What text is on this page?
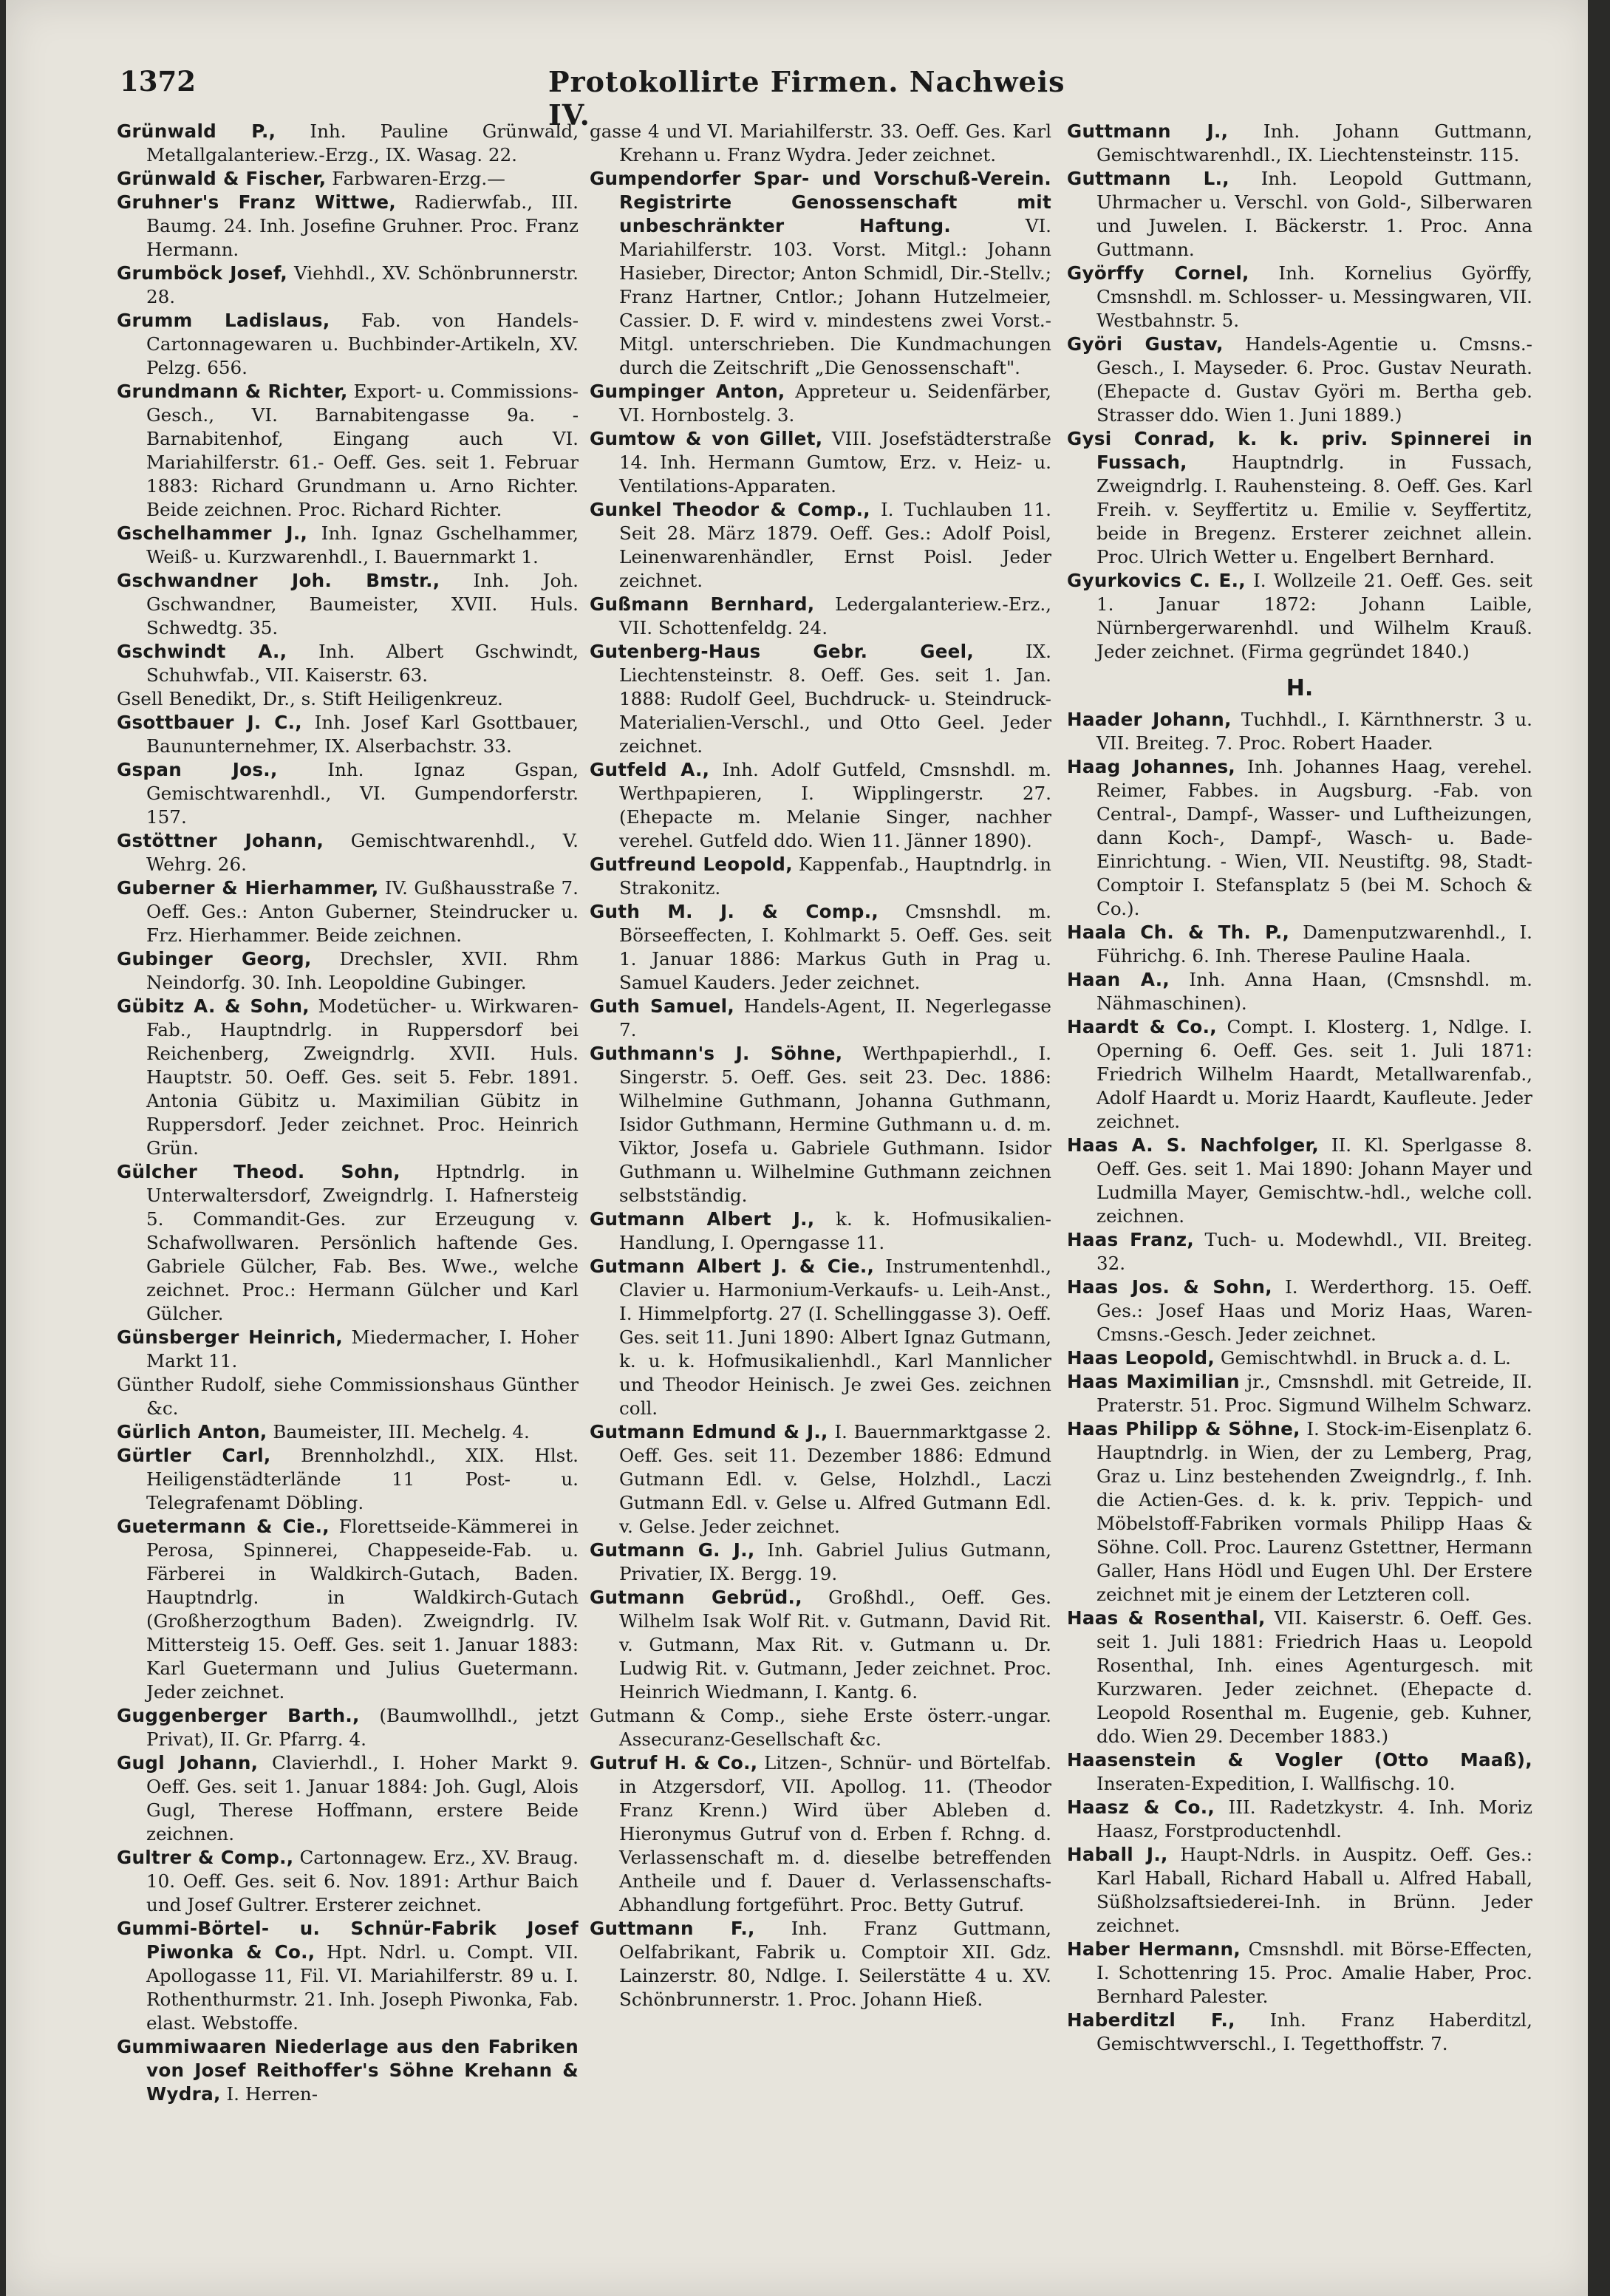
1372	Protokollirte Firmen. Nachweis IV.

Grünwald P., Inh. Pauline Grünwald, Metallgalanteriew.-Erzg., IX. Wasag. 22.

Grünwald & Fischer, Farbwaren-Erzg.—

Gruhner's Franz Wittwe, Radierwfab., III. Baumg. 24. Inh. Josefine Gruhner. Proc. Franz Hermann.

Grumböck Josef, Viehhdl., XV. Schönbrunnerstr. 28.

Grumm Ladislaus, Fab. von Handels-Cartonnagewaren u. Buchbinder-Artikeln, XV. Pelzg. 656.

Grundmann & Richter, Export- u. Commissions-Gesch., VI. Barnabitengasse 9a. -Barnabitenhof, Eingang auch VI. Mariahilferstr. 61.- Oeff. Ges. seit 1. Februar 1883: Richard Grundmann u. Arno Richter. Beide zeichnen. Proc. Richard Richter.

Gschelhammer J., Inh. Ignaz Gschelhammer, Weiß- u. Kurzwarenhdl., I. Bauernmarkt 1.

Gschwandner Joh. Bmstr., Inh. Joh. Gschwandner, Baumeister, XVII. Huls. Schwedtg. 35.

Gschwindt A., Inh. Albert Gschwindt, Schuhwfab., VII. Kaiserstr. 63.

Gsell Benedikt, Dr., s. Stift Heiligenkreuz.

Gsottbauer J. C., Inh. Josef Karl Gsottbauer, Baununternehmer, IX. Alserbachstr. 33.

Gspan Jos.,	Inh. Ignaz Gspan, Gemischtwarenhdl., VI. Gumpendorferstr. 157.

Gstöttner Johann, Gemischtwarenhdl., V. Wehrg. 26.

Guberner & Hierhammer, IV. Gußhausstraße 7. Oeff. Ges.: Anton Guberner, Steindrucker u. Frz. Hierhammer. Beide zeichnen.

Gubinger Georg, Drechsler, XVII. Rhm Neindorfg. 30. Inh. Leopoldine Gubinger.

Gübitz A. & Sohn, Modetücher- u. Wirkwaren-Fab., Hauptndrlg. in Ruppersdorf bei Reichenberg, Zweigndrlg. XVII. Huls. Hauptstr. 50. Oeff. Ges. seit 5. Febr. 1891. Antonia Gübitz u. Maximilian Gübitz in Ruppersdorf. Jeder zeichnet. Proc. Heinrich Grün.

Gülcher Theod. Sohn, Hptndrlg. in Unterwaltersdorf, Zweigndrlg. I. Hafnersteig 5. Commandit-Ges. zur Erzeugung v. Schafwollwaren. Persönlich haftende Ges. Gabriele Gülcher, Fab. Bes. Wwe., welche zeichnet. Proc.: Hermann Gülcher und Karl Gülcher.

Günsberger Heinrich, Miedermacher, I. Hoher Markt 11.

Günther Rudolf, siehe Commissionshaus Günther &c.

Gürlich Anton, Baumeister, III. Mechelg. 4.

Gürtler Carl, Brennholzhdl., XIX. Hlst. Heiligenstädterlände 11 Post- u. Telegrafenamt Döbling.

Guetermann & Cie., Florettseide-Kämmerei in Perosa, Spinnerei, Chappeseide-Fab. u. Färberei in Waldkirch-Gutach, Baden. Hauptndrlg. in Waldkirch-Gutach (Großherzogthum Baden). Zweigndrlg. IV. Mittersteig 15. Oeff. Ges. seit 1. Januar 1883: Karl Guetermann und Julius Guetermann. Jeder zeichnet.

Guggenberger Barth., (Baumwollhdl., jetzt Privat), II. Gr. Pfarrg. 4.

Gugl Johann, Clavierhdl., I. Hoher Markt 9. Oeff. Ges. seit 1. Januar 1884: Joh. Gugl, Alois Gugl, Therese Hoffmann, erstere Beide zeichnen.

Gultrer & Comp., Cartonnagew. Erz., XV. Braug. 10. Oeff. Ges. seit 6. Nov. 1891: Arthur Baich und Josef Gultrer. Ersterer zeichnet.

Gummi-Börtel- u. Schnür-Fabrik Josef Piwonka & Co., Hpt. Ndrl. u. Compt. VII. Apollogasse 11, Fil. VI. Mariahilferstr. 89 u. I. Rothenthurmstr. 21. Inh. Joseph Piwonka, Fab. elast. Webstoffe.

Gummiwaaren Niederlage aus den Fabriken von Josef Reithoffer's Söhne Krehann & Wydra, I. Herren-

gasse 4 und VI. Mariahilferstr. 33. Oeff. Ges. Karl Krehann u. Franz Wydra. Jeder zeichnet.

Gumpendorfer Spar- und Vorschuß-Verein. Registrirte Genossenschaft mit unbeschränkter Haftung.	VI. Mariahilferstr. 103. Vorst. Mitgl.: Johann Hasieber, Director; Anton Schmidl, Dir.-Stellv.; Franz Hartner, Cntlor.; Johann Hutzelmeier, Cassier. D. F. wird v. mindestens zwei Vorst.-Mitgl. unterschrieben. Die Kundmachungen durch die Zeitschrift „Die Genossenschaft".

Gumpinger Anton, Appreteur u. Seidenfärber, VI. Hornbostelg. 3.

Gumtow & von Gillet, VIII. Josefstädterstraße 14. Inh. Hermann Gumtow, Erz. v. Heiz- u. Ventilations-Apparaten.

Gunkel Theodor & Comp., I. Tuchlauben 11. Seit 28. März 1879. Oeff. Ges.: Adolf Poisl, Leinenwarenhändler, Ernst Poisl. Jeder zeichnet.

Gußmann Bernhard, Ledergalanteriew.-Erz., VII. Schottenfeldg. 24.

Gutenberg-Haus Gebr. Geel,	IX. Liechtensteinstr. 8. Oeff. Ges. seit 1. Jan. 1888: Rudolf Geel, Buchdruck- u. Steindruck-Materialien-Verschl., und Otto Geel. Jeder zeichnet.

Gutfeld A., Inh. Adolf Gutfeld, Cmsnshdl. m. Werthpapieren, I. Wipplingerstr. 27. (Ehepacte m. Melanie Singer, nachher verehel. Gutfeld ddo. Wien 11. Jänner 1890).

Gutfreund Leopold, Kappenfab., Hauptndrlg. in Strakonitz.

Guth M. J. & Comp., Cmsnshdl. m. Börseeffecten, I. Kohlmarkt 5. Oeff. Ges. seit 1. Januar 1886: Markus Guth in Prag u. Samuel Kauders. Jeder zeichnet.

Guth Samuel, Handels-Agent, II. Negerlegasse 7.

Guthmann's J. Söhne, Werthpapierhdl., I. Singerstr. 5. Oeff. Ges. seit 23. Dec. 1886: Wilhelmine Guthmann, Johanna Guthmann, Isidor Guthmann, Hermine Guthmann u. d. m. Viktor, Josefa u. Gabriele Guthmann. Isidor Guthmann u. Wilhelmine Guthmann zeichnen selbstständig.

Gutmann Albert J., k. k. Hofmusikalien-Handlung, I. Operngasse 11.

Gutmann Albert J. & Cie., Instrumentenhdl., Clavier u. Harmonium-Verkaufs- u. Leih-Anst., I. Himmelpfortg. 27 (I. Schellinggasse 3). Oeff. Ges. seit 11. Juni 1890: Albert Ignaz Gutmann, k. u. k. Hofmusikalienhdl., Karl Mannlicher und Theodor Heinisch. Je zwei Ges. zeichnen coll.

Gutmann Edmund & J., I. Bauernmarktgasse 2. Oeff. Ges. seit 11. Dezember 1886: Edmund Gutmann Edl. v. Gelse, Holzhdl., Laczi Gutmann Edl. v. Gelse u. Alfred Gutmann Edl. v. Gelse. Jeder zeichnet.

Gutmann G. J., Inh. Gabriel Julius Gutmann, Privatier, IX. Bergg. 19.

Gutmann Gebrüd., Großhdl., Oeff. Ges. Wilhelm Isak Wolf Rit. v. Gutmann, David Rit. v. Gutmann, Max Rit. v. Gutmann u. Dr. Ludwig Rit. v. Gutmann, Jeder zeichnet. Proc. Heinrich Wiedmann, I. Kantg. 6.

Gutmann & Comp., siehe Erste österr.-ungar. Assecuranz-Gesellschaft &c.

Gutruf H. & Co., Litzen-, Schnür- und Börtelfab. in Atzgersdorf, VII. Apollog. 11. (Theodor Franz Krenn.) Wird über Ableben d. Hieronymus Gutruf von d. Erben f. Rchng. d. Verlassenschaft m. d. dieselbe betreffenden Antheile und f. Dauer d. Verlassenschafts-Abhandlung fortgeführt. Proc. Betty Gutruf.

Guttmann F., Inh. Franz Guttmann, Oelfabrikant, Fabrik u. Comptoir XII. Gdz. Lainzerstr. 80, Ndlge. I. Seilerstätte 4 u. XV. Schönbrunnerstr. 1. Proc. Johann Hieß.

Guttmann J., Inh. Johann Guttmann, Gemischtwarenhdl., IX. Liechtensteinstr. 115.

Guttmann L., Inh. Leopold Guttmann, Uhrmacher u. Verschl. von Gold-, Silberwaren und Juwelen. I. Bäckerstr. 1. Proc. Anna Guttmann.

Györffy Cornel, Inh. Kornelius Györffy, Cmsnshdl. m. Schlosser- u. Messingwaren, VII. Westbahnstr. 5.

Györi Gustav, Handels-Agentie u. Cmsns.-Gesch., I. Mayseder. 6. Proc. Gustav Neurath. (Ehepacte d. Gustav Györi m. Bertha geb. Strasser ddo. Wien 1. Juni 1889.)

Gysi Conrad, k. k. priv. Spinnerei in Fussach, Hauptndrlg. in Fussach, Zweigndrlg. I. Rauhensteing. 8. Oeff. Ges. Karl Freih. v. Seyffertitz u. Emilie v. Seyffertitz, beide in Bregenz. Ersterer zeichnet allein. Proc. Ulrich Wetter u. Engelbert Bernhard.

Gyurkovics C. E., I. Wollzeile 21. Oeff. Ges. seit 1. Januar 1872: Johann Laible, Nürnbergerwarenhdl. und Wilhelm Krauß. Jeder zeichnet. (Firma gegründet 1840.)

H.

Haader Johann, Tuchhdl., I. Kärnthnerstr. 3 u. VII. Breiteg. 7. Proc. Robert Haader.

Haag Johannes, Inh. Johannes Haag, verehel. Reimer, Fabbes. in Augsburg. -Fab. von Central-, Dampf-, Wasser- und Luftheizungen, dann Koch-, Dampf-, Wasch- u. Bade-Einrichtung. - Wien, VII. Neustiftg. 98, Stadt-Comptoir I. Stefansplatz 5 (bei M. Schoch & Co.).

Haala Ch. & Th. P., Damenputzwarenhdl., I. Führichg. 6. Inh. Therese Pauline Haala.

Haan A., Inh. Anna Haan, (Cmsnshdl. m. Nähmaschinen).

Haardt & Co., Compt. I. Klosterg. 1, Ndlge. I. Operning 6. Oeff. Ges. seit 1. Juli 1871: Friedrich Wilhelm Haardt, Metallwarenfab., Adolf Haardt u. Moriz Haardt, Kaufleute. Jeder zeichnet.

Haas A. S. Nachfolger, II. Kl. Sperlgasse 8. Oeff. Ges. seit 1. Mai 1890: Johann Mayer und Ludmilla Mayer, Gemischtw.-hdl., welche coll. zeichnen.

Haas Franz, Tuch- u. Modewhdl., VII. Breiteg. 32.

Haas Jos. & Sohn, I. Werderthorg. 15. Oeff. Ges.: Josef Haas und Moriz Haas, Waren-Cmsns.-Gesch. Jeder zeichnet.

Haas Leopold, Gemischtwhdl. in Bruck a. d. L.

Haas Maximilian jr., Cmsnshdl. mit Getreide, II. Praterstr. 51. Proc. Sigmund Wilhelm Schwarz.

Haas Philipp & Söhne, I. Stock-im-Eisenplatz 6. Hauptndrlg. in Wien, der zu Lemberg, Prag, Graz u. Linz bestehenden Zweigndrlg., f. Inh. die Actien-Ges. d. k. k. priv. Teppich- und Möbelstoff-Fabriken vormals Philipp Haas & Söhne. Coll. Proc. Laurenz Gstettner, Hermann Galler, Hans Hödl und Eugen Uhl. Der Erstere zeichnet mit je einem der Letzteren coll.

Haas & Rosenthal, VII. Kaiserstr. 6. Oeff. Ges. seit 1. Juli 1881: Friedrich Haas u. Leopold Rosenthal, Inh. eines Agenturgesch. mit Kurzwaren. Jeder zeichnet. (Ehepacte d. Leopold Rosenthal m. Eugenie, geb. Kuhner, ddo. Wien 29. December 1883.)

Haasenstein & Vogler (Otto Maaß), Inseraten-Expedition, I. Wallfischg. 10.

Haasz & Co., III. Radetzkystr. 4. Inh. Moriz Haasz, Forstproductenhdl.

Haball J., Haupt-Ndrls. in Auspitz. Oeff. Ges.: Karl Haball, Richard Haball u. Alfred Haball, Süßholzsaftsiederei-Inh. in Brünn. Jeder zeichnet.

Haber Hermann, Cmsnshdl. mit Börse-Effecten, I. Schottenring 15. Proc. Amalie Haber, Proc. Bernhard Palester.

Haberditzl F., Inh. Franz Haberditzl, Gemischtwverschl., I. Tegetthoffstr. 7.
